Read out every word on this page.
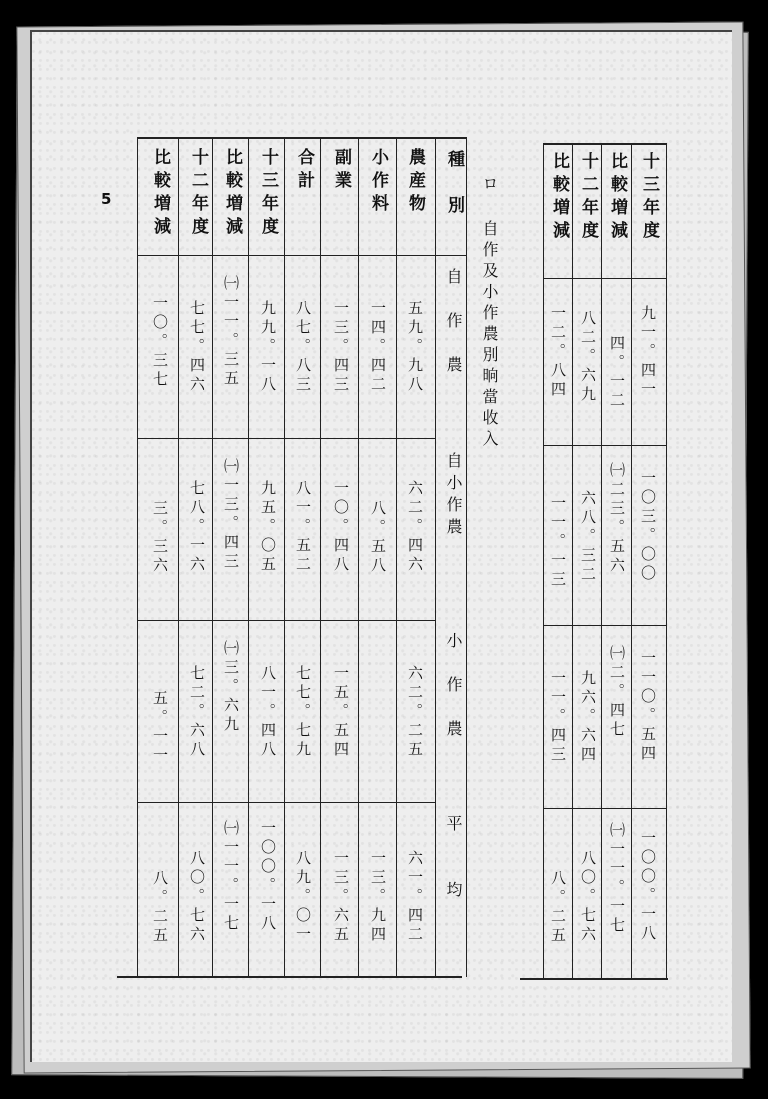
5	種　別
自　作　農
自小作農
小　作　農
平　　均
農産物
小作料
副業
合計
十三年度
比較増減
十二年度
比較増減
五九。九八
一四。四二
一三。四三
八七。八三
九九。一八
㈠一一。三五
七七。四六
一〇。三七
六二。四六
八。五八
一〇。四八
八一。五二
九五。〇五
㈠一三。四三
七八。一六
三。三六
六二。二五
一五。五四
七七。七九
八一。四八
㈠三。六九
七二。六八
五。一一
六一。四二
一三。九四
一三。六五
八九。〇一
一〇〇。一八
㈠一一。一七
八〇。七六
八。二五
ロ 自作及小作農別晌當收入	十三年度
比較増減
十二年度
比較増減
九一。四一
四。一二
八二。六九
一二。八四
一〇三。〇〇
㈠二三。五六
六八。三二
一一。一三
一一〇。五四
㈠二。四七
九六。六四
一一。四三
一〇〇。一八
㈠一一。一七
八〇。七六
八。二五
